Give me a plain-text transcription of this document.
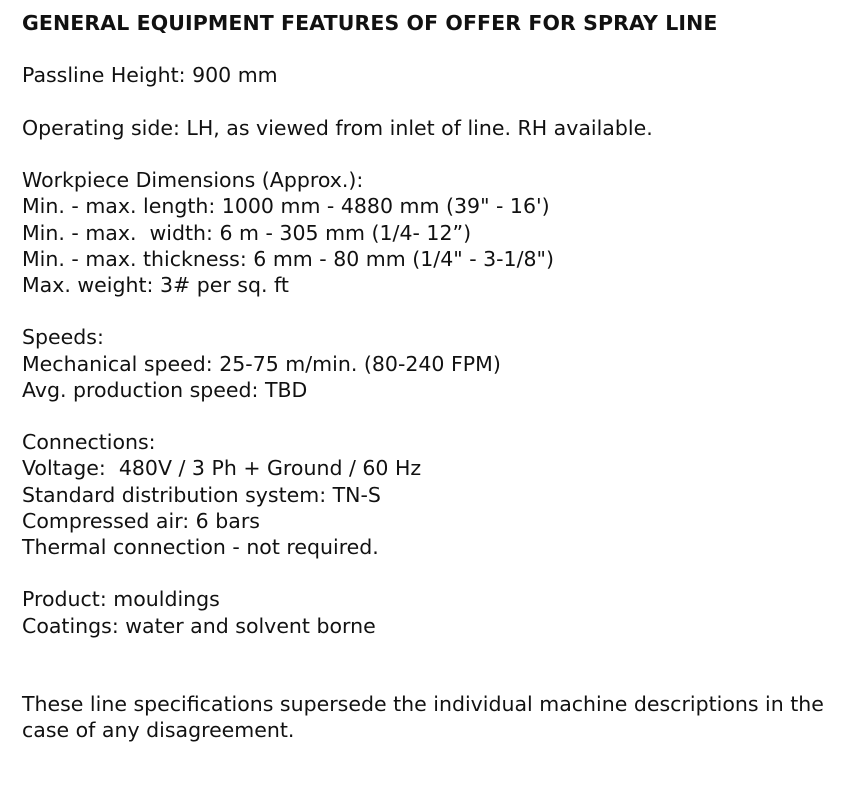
GENERAL EQUIPMENT FEATURES OF OFFER FOR SPRAY LINE
Passline Height: 900 mm
Operating side: LH, as viewed from inlet of line. RH available.
Workpiece Dimensions (Approx.):
Min. - max. length: 1000 mm - 4880 mm (39" - 16')
Min. - max.  width: 6 m - 305 mm (1/4- 12”)
Min. - max. thickness: 6 mm - 80 mm (1/4" - 3-1/8")
Max. weight: 3# per sq. ft
Speeds:
Mechanical speed: 25-75 m/min. (80-240 FPM)
Avg. production speed: TBD
Connections:
Voltage:  480V / 3 Ph + Ground / 60 Hz
Standard distribution system: TN-S
Compressed air: 6 bars
Thermal connection - not required.
Product: mouldings
Coatings: water and solvent borne
These line specifications supersede the individual machine descriptions in the case of any disagreement.
